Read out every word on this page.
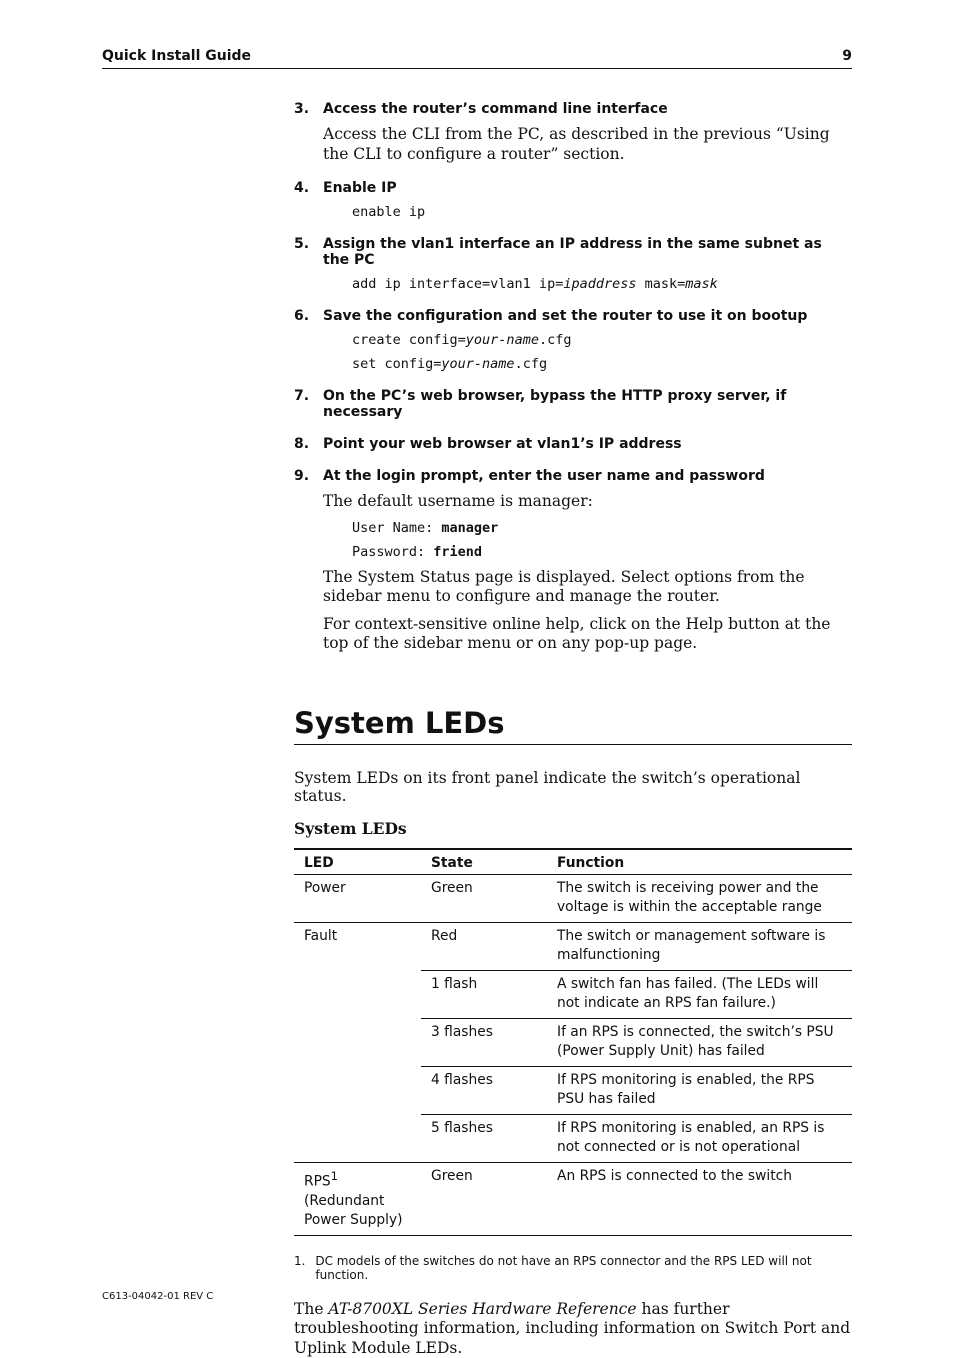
Quick Install Guide	9
3. Access the router’s command line interface
Access the CLI from the PC, as described in the previous “Using the CLI to configure a router” section.
4. Enable IP
enable ip
5. Assign the vlan1 interface an IP address in the same subnet as the PC
add ip interface=vlan1 ip=ipaddress mask=mask
6. Save the configuration and set the router to use it on bootup
create config=your-name.cfg
set config=your-name.cfg
7. On the PC’s web browser, bypass the HTTP proxy server, if necessary
8. Point your web browser at vlan1’s IP address
9. At the login prompt, enter the user name and password
The default username is manager:
User Name: manager
Password: friend
The System Status page is displayed. Select options from the sidebar menu to configure and manage the router.
For context-sensitive online help, click on the Help button at the top of the sidebar menu or on any pop-up page.
System LEDs
System LEDs on its front panel indicate the switch’s operational status.
System LEDs
LED	State	Function
Power	Green	The switch is receiving power and the voltage is within the acceptable range
Fault	Red	The switch or management software is malfunctioning
	1 flash	A switch fan has failed. (The LEDs will not indicate an RPS fan failure.)
	3 flashes	If an RPS is connected, the switch’s PSU (Power Supply Unit) has failed
	4 flashes	If RPS monitoring is enabled, the RPS PSU has failed
	5 flashes	If RPS monitoring is enabled, an RPS is not connected or is not operational
RPS$^1$ (Redundant Power Supply)	Green	An RPS is connected to the switch
1. DC models of the switches do not have an RPS connector and the RPS LED will not function.
The AT-8700XL Series Hardware Reference has further troubleshooting information, including information on Switch Port and Uplink Module LEDs.
C613-04042-01 REV C
